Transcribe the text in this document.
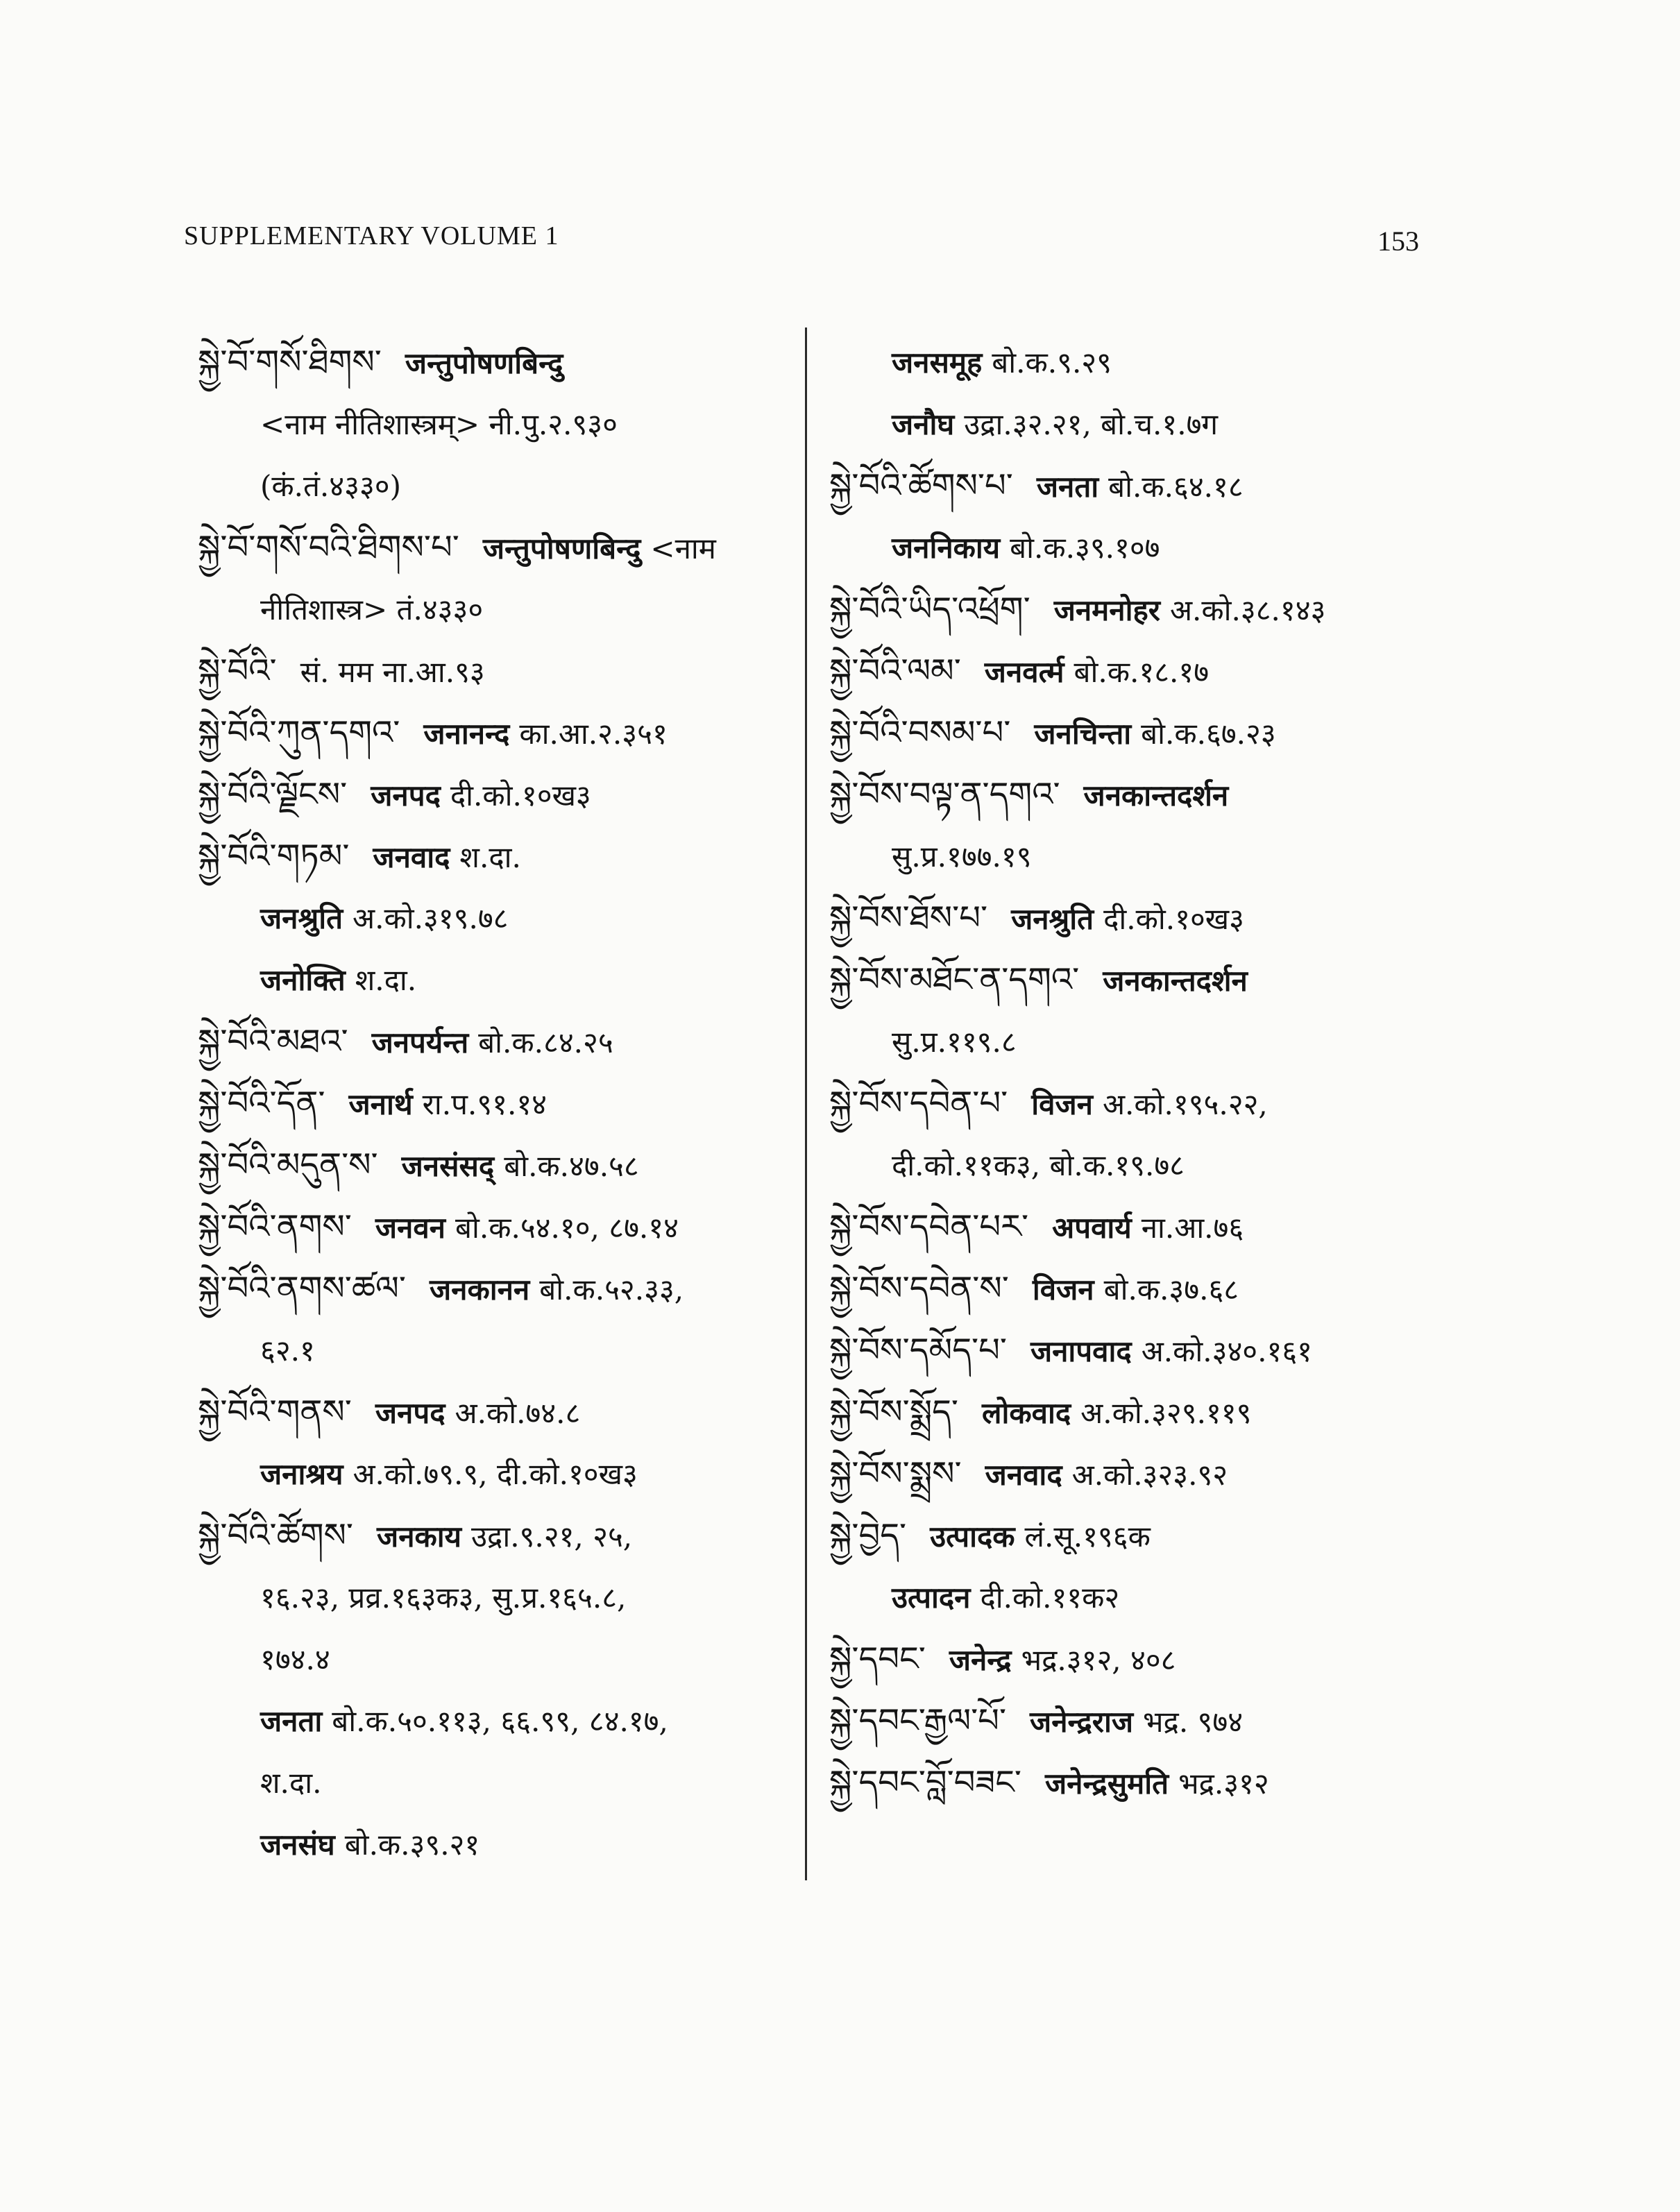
SUPPLEMENTARY VOLUME 1	153
སྐྱེ་བོ་གསོ་ཐིགས་ जन्तुपोषणबिन्दु
<नाम नीतिशास्त्रम्> नी.पु.२.९३०
(कं.तं.४३३०)
སྐྱེ་བོ་གསོ་བའི་ཐིགས་པ་ जन्तुपोषणबिन्दु <नाम
नीतिशास्त्र> तं.४३३०
སྐྱེ་བོའི་ सं. मम ना.आ.९३
སྐྱེ་བོའི་ཀུན་དགའ་ जनानन्द का.आ.२.३५१
སྐྱེ་བོའི་ལྗོངས་ जनपद दी.को.१०ख३
སྐྱེ་བོའི་གཏམ་ जनवाद श.दा.
जनश्रुति अ.को.३१९.७८
जनोक्ति श.दा.
སྐྱེ་བོའི་མཐའ་ जनपर्यन्त बो.क.८४.२५
སྐྱེ་བོའི་དོན་ जनार्थ रा.प.९१.१४
སྐྱེ་བོའི་མདུན་ས་ जनसंसद् बो.क.४७.५८
སྐྱེ་བོའི་ནགས་ जनवन बो.क.५४.१०, ८७.१४
སྐྱེ་བོའི་ནགས་ཚལ་ जनकानन बो.क.५२.३३,
६२.१
སྐྱེ་བོའི་གནས་ जनपद अ.को.७४.८
जनाश्रय अ.को.७९.९, दी.को.१०ख३
སྐྱེ་བོའི་ཚོགས་ जनकाय उद्रा.९.२१, २५,
१६.२३, प्रव्र.१६३क३, सु.प्र.१६५.८,
१७४.४
जनता बो.क.५०.११३, ६६.९९, ८४.१७,
श.दा.
जनसंघ बो.क.३९.२१
जनसमूह बो.क.९.२९
जनौघ उद्रा.३२.२१, बो.च.१.७ग
སྐྱེ་བོའི་ཚོགས་པ་ जनता बो.क.६४.१८
जननिकाय बो.क.३९.१०७
སྐྱེ་བོའི་ཡིད་འཕྲོག་ जनमनोहर अ.को.३८.१४३
སྐྱེ་བོའི་ལམ་ जनवर्त्म बो.क.१८.१७
སྐྱེ་བོའི་བསམ་པ་ जनचिन्ता बो.क.६७.२३
སྐྱེ་བོས་བལྟ་ན་དགའ་ जनकान्तदर्शन
सु.प्र.१७७.१९
སྐྱེ་བོས་ཐོས་པ་ जनश्रुति दी.को.१०ख३
སྐྱེ་བོས་མཐོང་ན་དགའ་ जनकान्तदर्शन
सु.प्र.११९.८
སྐྱེ་བོས་དབེན་པ་ विजन अ.को.१९५.२२,
दी.को.११क३, बो.क.१९.७८
སྐྱེ་བོས་དབེན་པར་ अपवार्य ना.आ.७६
སྐྱེ་བོས་དབེན་ས་ विजन बो.क.३७.६८
སྐྱེ་བོས་དམོད་པ་ जनापवाद अ.को.३४०.१६१
སྐྱེ་བོས་སྨྲོད་ लोकवाद अ.को.३२९.११९
སྐྱེ་བོས་སྨྲས་ जनवाद अ.को.३२३.९२
སྐྱེ་བྱེད་ उत्पादक लं.सू.१९६क
उत्पादन दी.को.११क२
སྐྱེ་དབང་ जनेन्द्र भद्र.३१२, ४०८
སྐྱེ་དབང་རྒྱལ་པོ་ जनेन्द्रराज भद्र. ९७४
སྐྱེ་དབང་བློ་བཟང་ जनेन्द्रसुमति भद्र.३१२
